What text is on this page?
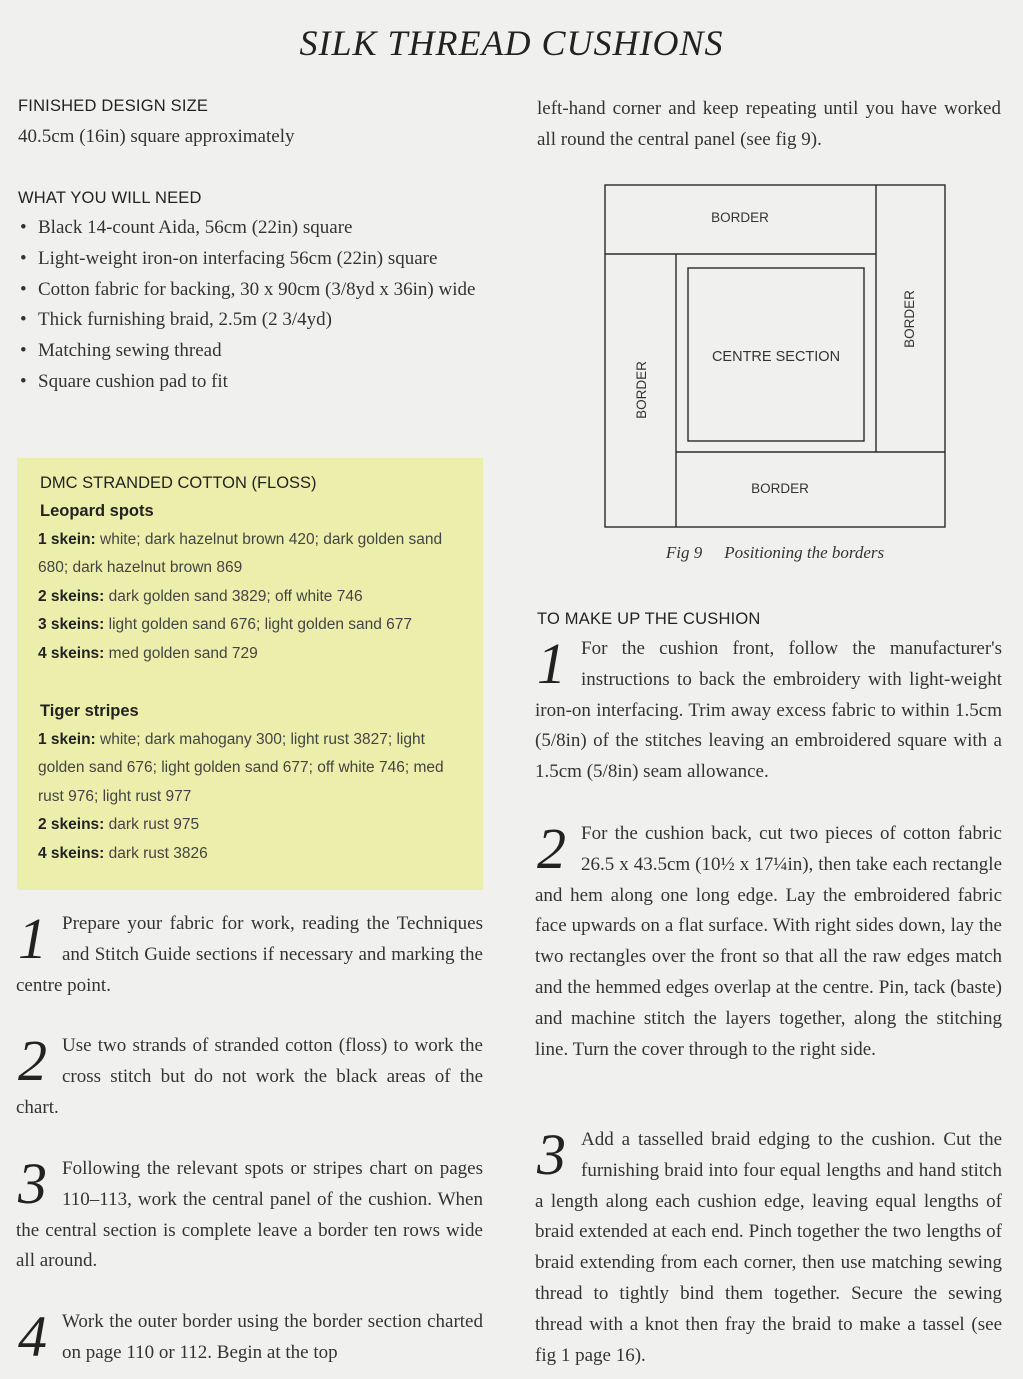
SILK THREAD CUSHIONS
FINISHED DESIGN SIZE
40.5cm (16in) square approximately
WHAT YOU WILL NEED
• Black 14-count Aida, 56cm (22in) square
• Light-weight iron-on interfacing 56cm (22in) square
• Cotton fabric for backing, 30 x 90cm (3/8yd x 36in) wide
• Thick furnishing braid, 2.5m (2 3/4yd)
• Matching sewing thread
• Square cushion pad to fit
DMC STRANDED COTTON (FLOSS)
Leopard spots
1 skein: white; dark hazelnut brown 420; dark golden sand 680; dark hazelnut brown 869
2 skeins: dark golden sand 3829; off white 746
3 skeins: light golden sand 676; light golden sand 677
4 skeins: med golden sand 729
Tiger stripes
1 skein: white; dark mahogany 300; light rust 3827; light golden sand 676; light golden sand 677; off white 746; med rust 976; light rust 977
2 skeins: dark rust 975
4 skeins: dark rust 3826
1 Prepare your fabric for work, reading the Techniques and Stitch Guide sections if necessary and marking the centre point.

2 Use two strands of stranded cotton (floss) to work the cross stitch but do not work the black areas of the chart.

3 Following the relevant spots or stripes chart on pages 110–113, work the central panel of the cushion. When the central section is complete leave a border ten rows wide all around.

4 Work the outer border using the border section charted on page 110 or 112. Begin at the top

left-hand corner and keep repeating until you have worked all round the central panel (see fig 9).
BORDER
CENTRE SECTION
BORDER
BORDER
BORDER
Fig 9 Positioning the borders
TO MAKE UP THE CUSHION
1 For the cushion front, follow the manufacturer's instructions to back the embroidery with light-weight iron-on interfacing. Trim away excess fabric to within 1.5cm (5/8in) of the stitches leaving an embroidered square with a 1.5cm (5/8in) seam allowance.

2 For the cushion back, cut two pieces of cotton fabric 26.5 x 43.5cm (10½ x 17¼in), then take each rectangle and hem along one long edge. Lay the embroidered fabric face upwards on a flat surface. With right sides down, lay the two rectangles over the front so that all the raw edges match and the hemmed edges overlap at the centre. Pin, tack (baste) and machine stitch the layers together, along the stitching line. Turn the cover through to the right side.

3 Add a tasselled braid edging to the cushion. Cut the furnishing braid into four equal lengths and hand stitch a length along each cushion edge, leaving equal lengths of braid extended at each end. Pinch together the two lengths of braid extending from each corner, then use matching sewing thread to tightly bind them together. Secure the sewing thread with a knot then fray the braid to make a tassel (see fig 1 page 16).
